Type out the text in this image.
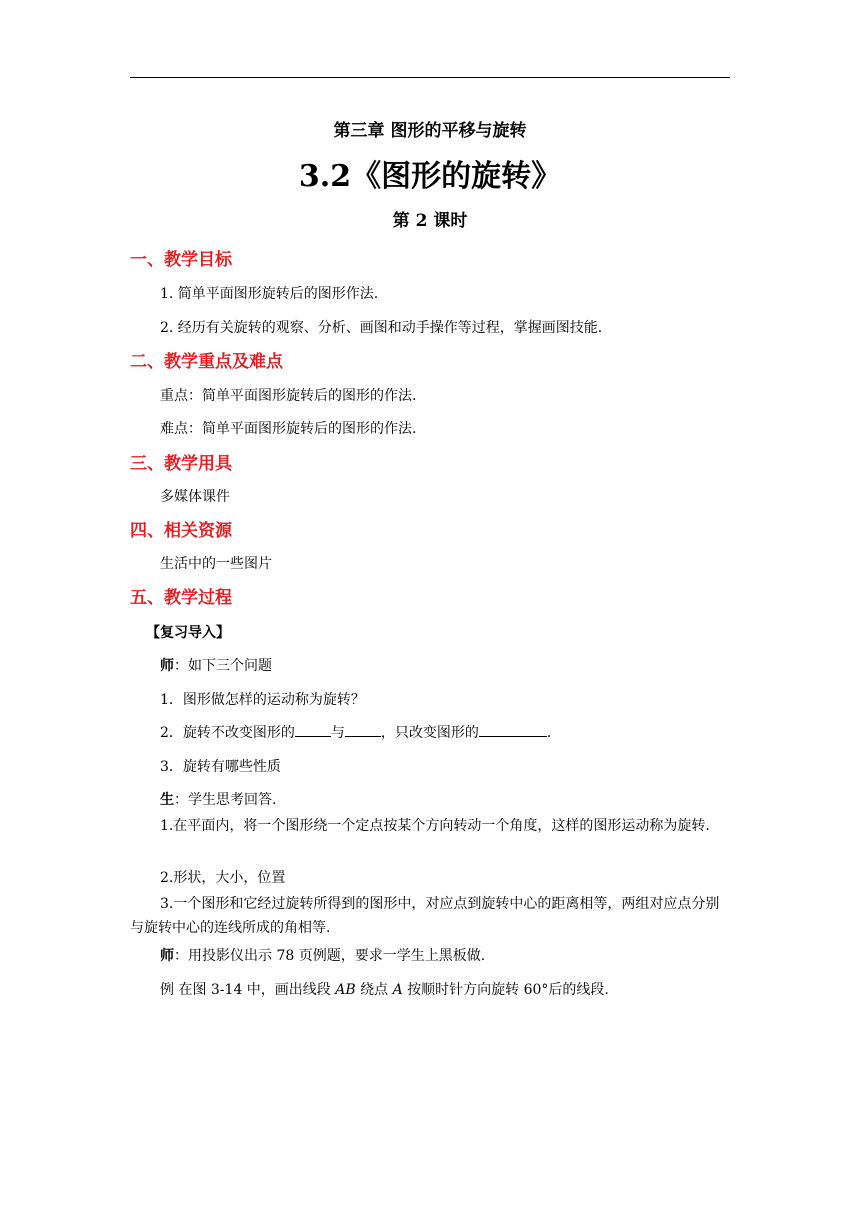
第三章 图形的平移与旋转
3.2《图形的旋转》
第 2 课时
一、教学目标
1. 简单平面图形旋转后的图形作法.
2. 经历有关旋转的观察、分析、画图和动手操作等过程，掌握画图技能.
二、教学重点及难点
重点：简单平面图形旋转后的图形的作法.
难点：简单平面图形旋转后的图形的作法.
三、教学用具
多媒体课件
四、相关资源
生活中的一些图片
五、教学过程
【复习导入】
师：如下三个问题
1．图形做怎样的运动称为旋转？
2．旋转不改变图形的	与	，只改变图形的	.
3．旋转有哪些性质
生：学生思考回答.
1.在平面内，将一个图形绕一个定点按某个方向转动一个角度，这样的图形运动称为旋转.
2.形状，大小，位置
3.一个图形和它经过旋转所得到的图形中，对应点到旋转中心的距离相等，两组对应点分别与旋转中心的连线所成的角相等.
师：用投影仪出示 78 页例题，要求一学生上黑板做.
例 在图 3-14 中，画出线段 AB 绕点 A 按顺时针方向旋转 60°后的线段.
